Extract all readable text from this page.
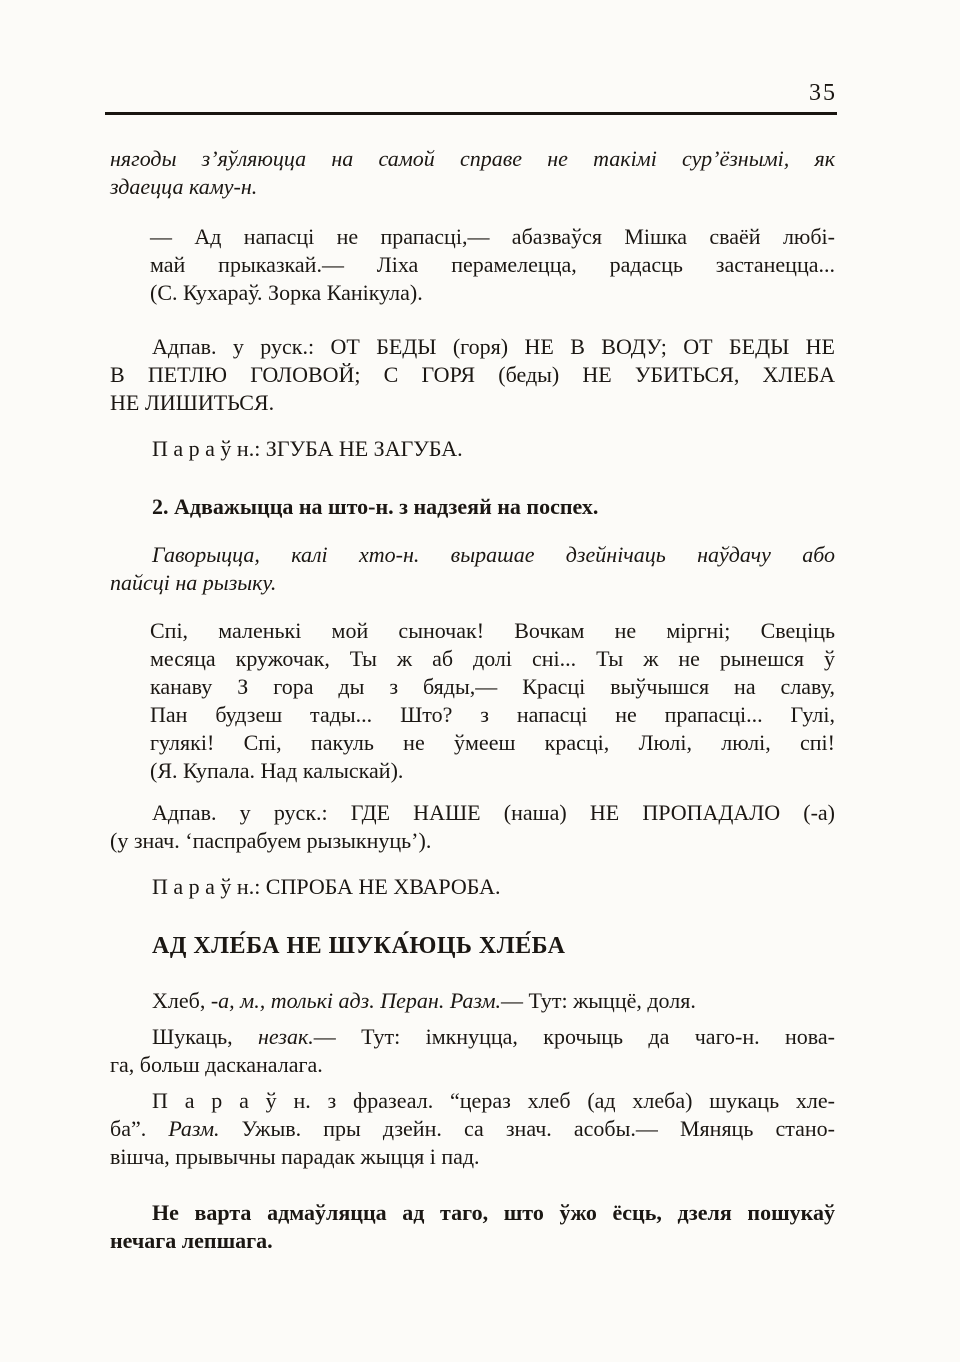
35

нягоды з’яўляюцца на самой справе не такімі сур’ёзнымі, як
здаецца каму-н.

— Ад напасці не прапасці,— абазваўся Мішка сваёй любі-
май прыказкай.— Ліха перамелецца, радасць застанецца...
(С. Кухараў. Зорка Канікула).

Адпав. у руск.: ОТ БЕДЫ (горя) НЕ В ВОДУ; ОТ БЕДЫ НЕ
В ПЕТЛЮ ГОЛОВОЙ; С ГОРЯ (беды) НЕ УБИТЬСЯ, ХЛЕБА
НЕ ЛИШИТЬСЯ.

П а р а ў н.: ЗГУБА НЕ ЗАГУБА.

2. Адважыцца на што-н. з надзеяй на поспех.

Гаворыцца, калі хто-н. вырашае дзейнічаць наўдачу або
пайсці на рызыку.

Спі, маленькі мой сыночак! Вочкам не міргні; Свеціць
месяца кружочак, Ты ж аб долі сні... Ты ж не рынешся ў
канаву З гора ды з бяды,— Красці выўчышся на славу,
Пан будзеш тады... Што? з напасці не прапасці... Гулі,
гулякі! Спі, пакуль не ўмееш красці, Люлі, люлі, спі!
(Я. Купала. Над калыскай).

Адпав. у руск.: ГДЕ НАШЕ (наша) НЕ ПРОПАДАЛО (-а)
(у знач. ‘паспрабуем рызыкнуць’).

П а р а ў н.: СПРОБА НЕ ХВАРОБА.

АД ХЛЕ́БА НЕ ШУКА́ЮЦЬ ХЛЕ́БА

Хлеб, -а, м., толькі адз. Перан. Разм.— Тут: жыццё, доля.

Шукаць, незак.— Тут: імкнуцца, крочыць да чаго-н. нова-
га, больш дасканалага.

П а р а ў н. з фразеал. “цераз хлеб (ад хлеба) шукаць хле-
ба”. Разм. Ужыв. пры дзейн. са знач. асобы.— Мяняць стано-
вішча, прывычны парадак жыцця і пад.

Не варта адмаўляцца ад таго, што ўжо ёсць, дзеля пошукаў
нечага лепшага.
